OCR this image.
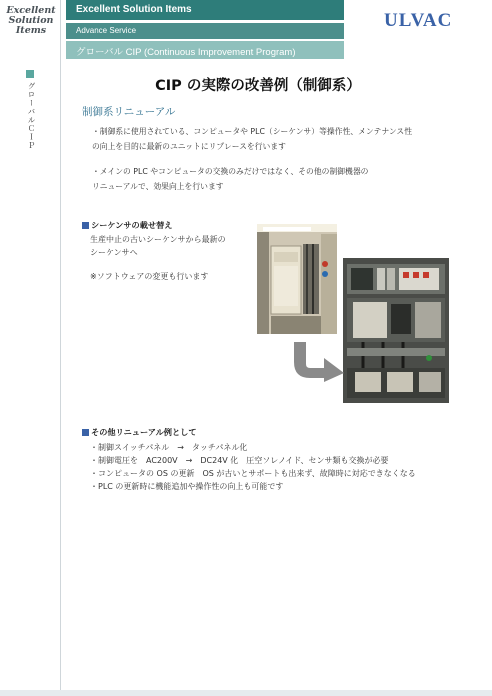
Excellent
Solution
Items
グローバルＣＩＰ
Excellent Solution Items
Advance Service
グローバル CIP (Continuous Improvement Program)
ULVAC
CIP の実際の改善例（制御系）
制御系リニューアル
・制御系に使用されている、コンピュータや PLC（シーケンサ）等操作性、メンテナンス性
の向上を目的に最新のユニットにリプレースを行います
・メインの PLC やコンピュータの交換のみだけではなく、その他の制御機器の
リニューアルで、効果向上を行います
シーケンサの載せ替え
生産中止の古いシーケンサから最新の
シーケンサへ
※ソフトウェアの変更も行います
その他リニューアル例として
・制御スイッチパネル　→　タッチパネル化
・制御電圧を　AC200V　→　DC24V 化　圧空ソレノイド、センサ類も交換が必要
・コンピュータの OS の更新　OS が古いとサポートも出来ず、故障時に対応できなくなる
・PLC の更新時に機能追加や操作性の向上も可能です
